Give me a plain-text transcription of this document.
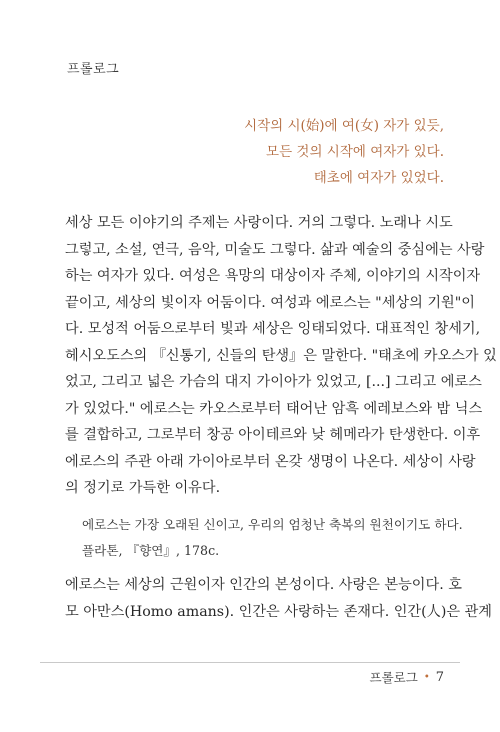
프롤로그
시작의 시(始)에 여(女) 자가 있듯,
모든 것의 시작에 여자가 있다.
태초에 여자가 있었다.
세상 모든 이야기의 주제는 사랑이다. 거의 그렇다. 노래나 시도
그렇고, 소설, 연극, 음악, 미술도 그렇다. 삶과 예술의 중심에는 사랑
하는 여자가 있다. 여성은 욕망의 대상이자 주체, 이야기의 시작이자
끝이고, 세상의 빛이자 어둠이다. 여성과 에로스는 "세상의 기원"이
다. 모성적 어둠으로부터 빛과 세상은 잉태되었다. 대표적인 창세기,
헤시오도스의 『신통기, 신들의 탄생』은 말한다. "태초에 카오스가 있
었고, 그리고 넓은 가슴의 대지 가이아가 있었고, [...] 그리고 에로스
가 있었다." 에로스는 카오스로부터 태어난 암흑 에레보스와 밤 닉스
를 결합하고, 그로부터 창공 아이테르와 낮 헤메라가 탄생한다. 이후
에로스의 주관 아래 가이아로부터 온갖 생명이 나온다. 세상이 사랑
의 정기로 가득한 이유다.
에로스는 가장 오래된 신이고, 우리의 엄청난 축복의 원천이기도 하다.
플라톤, 『향연』, 178c.
에로스는 세상의 근원이자 인간의 본성이다. 사랑은 본능이다. 호
모 아만스(Homo amans). 인간은 사랑하는 존재다. 인간(人)은 관계
프롤로그 • 7
